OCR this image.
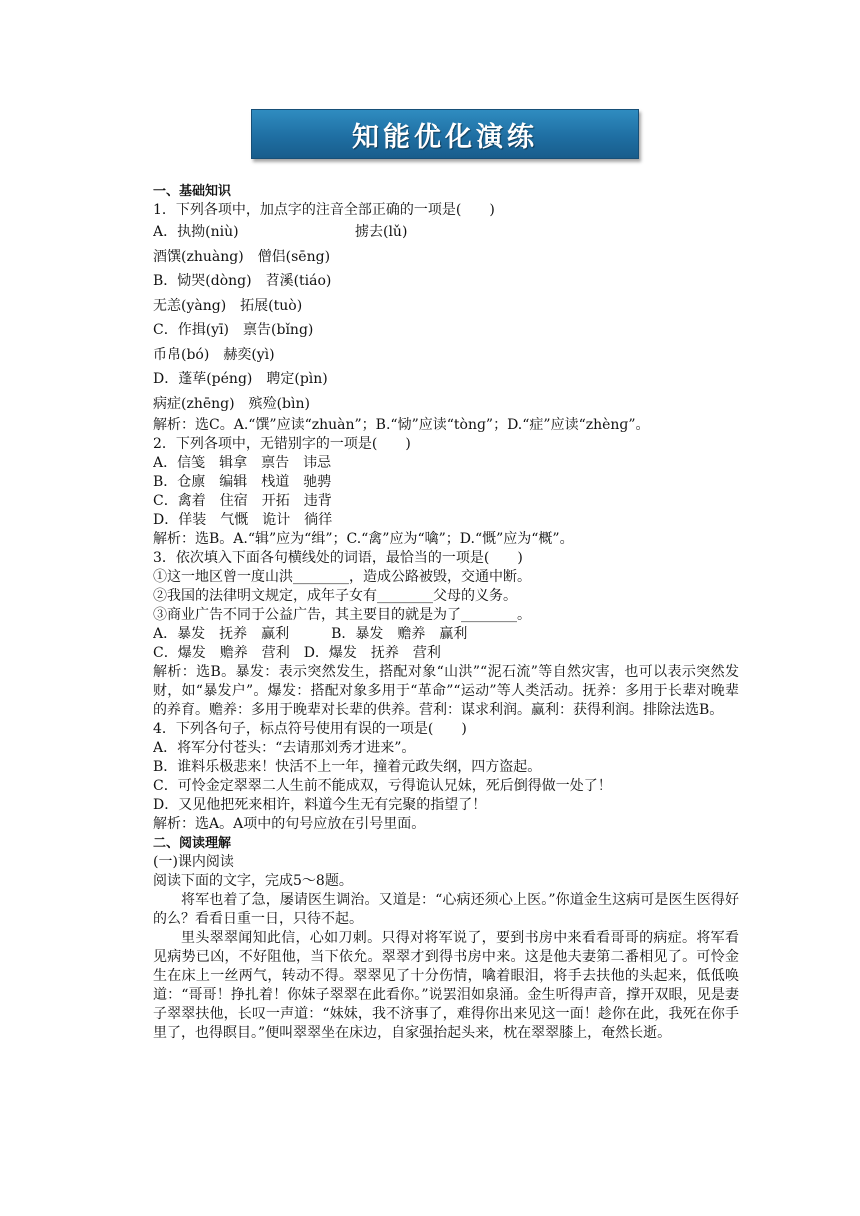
知能优化演练
一、基础知识
1．下列各项中，加点字的注音全部正确的一项是(　　)
A．执拗(niù)　　　　　　　　 掳去(lǔ)
酒馔(zhuàng)　僧侣(sēng)
B．恸哭(dòng)　苕溪(tiáo)
无恙(yàng)　拓展(tuò)
C．作揖(yī)　禀告(bǐng)
币帛(bó)　赫奕(yì)
D．蓬荜(péng)　聘定(pìn)
病症(zhēng)　殡殓(bìn)
解析：选C。A.“馔”应读“zhuàn”；B.“恸”应读“tònɡ”；D.“症”应读“zhènɡ”。
2．下列各项中，无错别字的一项是(　　)
A．信笺　辑拿　禀告　讳忌
B．仓廪　编辑　栈道　驰骋
C．禽着　住宿　开拓　违背
D．佯装　气慨　诡计　徜徉
解析：选B。A.“辑”应为“缉”；C.“禽”应为“噙”；D.“慨”应为“概”。
3．依次填入下面各句横线处的词语，最恰当的一项是(　　)
①这一地区曾一度山洪________，造成公路被毁，交通中断。
②我国的法律明文规定，成年子女有________父母的义务。
③商业广告不同于公益广告，其主要目的就是为了________。
A．暴发　抚养　赢利　　　B．暴发　赡养　赢利
C．爆发　赡养　营利　D．爆发　抚养　营利
解析：选B。暴发：表示突然发生，搭配对象“山洪”“泥石流”等自然灾害，也可以表示突然发财，如“暴发户”。爆发：搭配对象多用于“革命”“运动”等人类活动。抚养：多用于长辈对晚辈的养育。赡养：多用于晚辈对长辈的供养。营利：谋求利润。赢利：获得利润。排除法选B。
4．下列各句子，标点符号使用有误的一项是(　　)
A．将军分付苍头：“去请那刘秀才进来”。
B．谁料乐极悲来！快活不上一年，撞着元政失纲，四方盗起。
C．可怜金定翠翠二人生前不能成双，亏得诡认兄妹，死后倒得做一处了！
D．又见他把死来相许，料道今生无有完聚的指望了！
解析：选A。A项中的句号应放在引号里面。
二、阅读理解
(一)课内阅读
阅读下面的文字，完成5～8题。
将军也着了急，屡请医生调治。又道是：“心病还须心上医。”你道金生这病可是医生医得好的么？看看日重一日，只待不起。
里头翠翠闻知此信，心如刀刺。只得对将军说了，要到书房中来看看哥哥的病症。将军看见病势已凶，不好阻他，当下依允。翠翠才到得书房中来。这是他夫妻第二番相见了。可怜金生在床上一丝两气，转动不得。翠翠见了十分伤情，噙着眼泪，将手去扶他的头起来，低低唤道：“哥哥！挣扎着！你妹子翠翠在此看你。”说罢泪如泉涌。金生听得声音，撑开双眼，见是妻子翠翠扶他，长叹一声道：“妹妹，我不济事了，难得你出来见这一面！趁你在此，我死在你手里了，也得瞑目。”便叫翠翠坐在床边，自家强抬起头来，枕在翠翠膝上，奄然长逝。
